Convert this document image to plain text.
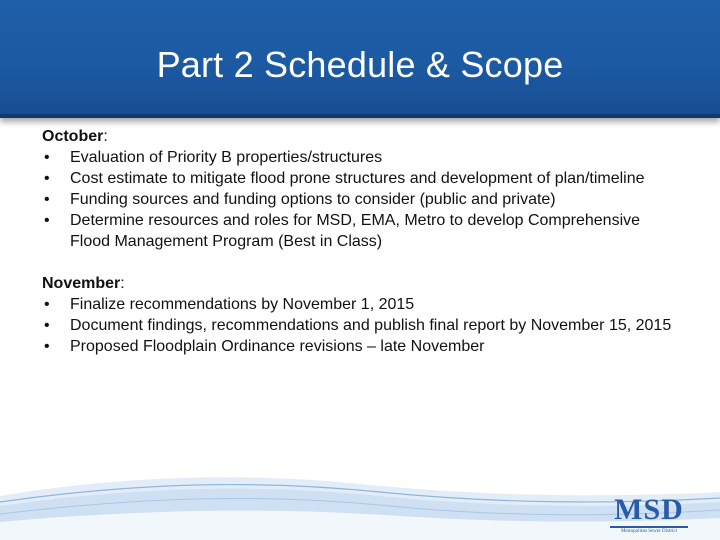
Part 2 Schedule & Scope

October:

• Evaluation of Priority B properties/structures
• Cost estimate to mitigate flood prone structures and development of plan/timeline
• Funding sources and funding options to consider (public and private)
• Determine resources and roles for MSD, EMA, Metro to develop Comprehensive Flood Management Program (Best in Class)

November:

• Finalize recommendations by November 1, 2015
• Document findings, recommendations and publish final report by November 15, 2015
• Proposed Floodplain Ordinance revisions – late November
MSD
Metropolitan Sewer District
